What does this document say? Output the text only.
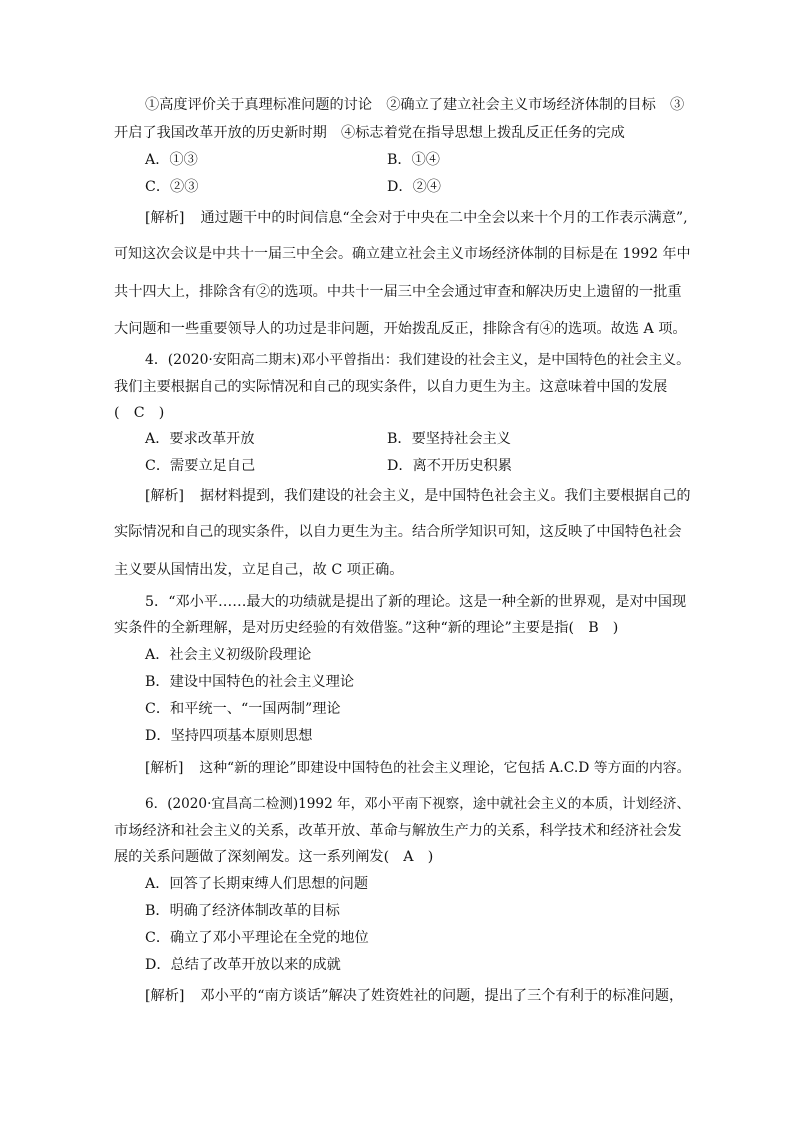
①高度评价关于真理标准问题的讨论　②确立了建立社会主义市场经济体制的目标　③
开启了我国改革开放的历史新时期　④标志着党在指导思想上拨乱反正任务的完成
A．①③	B．①④
C．②③	D．②④
[解析] 通过题干中的时间信息“全会对于中央在二中全会以来十个月的工作表示满意”,
可知这次会议是中共十一届三中全会。确立建立社会主义市场经济体制的目标是在 1992 年中
共十四大上，排除含有②的选项。中共十一届三中全会通过审查和解决历史上遗留的一批重
大问题和一些重要领导人的功过是非问题，开始拨乱反正，排除含有④的选项。故选 A 项。
4．(2020·安阳高二期末)邓小平曾指出：我们建设的社会主义，是中国特色的社会主义。
我们主要根据自己的实际情况和自己的现实条件，以自力更生为主。这意味着中国的发展
(　C　)
A．要求改革开放	B．要坚持社会主义
C．需要立足自己	D．离不开历史积累
[解析] 据材料提到，我们建设的社会主义，是中国特色社会主义。我们主要根据自己的
实际情况和自己的现实条件，以自力更生为主。结合所学知识可知，这反映了中国特色社会
主义要从国情出发，立足自己，故 C 项正确。
5．“邓小平……最大的功绩就是提出了新的理论。这是一种全新的世界观，是对中国现
实条件的全新理解，是对历史经验的有效借鉴。”这种“新的理论”主要是指(　B　)
A．社会主义初级阶段理论
B．建设中国特色的社会主义理论
C．和平统一、“一国两制”理论
D．坚持四项基本原则思想
[解析] 这种“新的理论”即建设中国特色的社会主义理论，它包括 A.C.D 等方面的内容。
6．(2020·宜昌高二检测)1992 年，邓小平南下视察，途中就社会主义的本质，计划经济、
市场经济和社会主义的关系，改革开放、革命与解放生产力的关系，科学技术和经济社会发
展的关系问题做了深刻阐发。这一系列阐发(　A　)
A．回答了长期束缚人们思想的问题
B．明确了经济体制改革的目标
C．确立了邓小平理论在全党的地位
D．总结了改革开放以来的成就
[解析] 邓小平的“南方谈话”解决了姓资姓社的问题，提出了三个有利于的标准问题，
